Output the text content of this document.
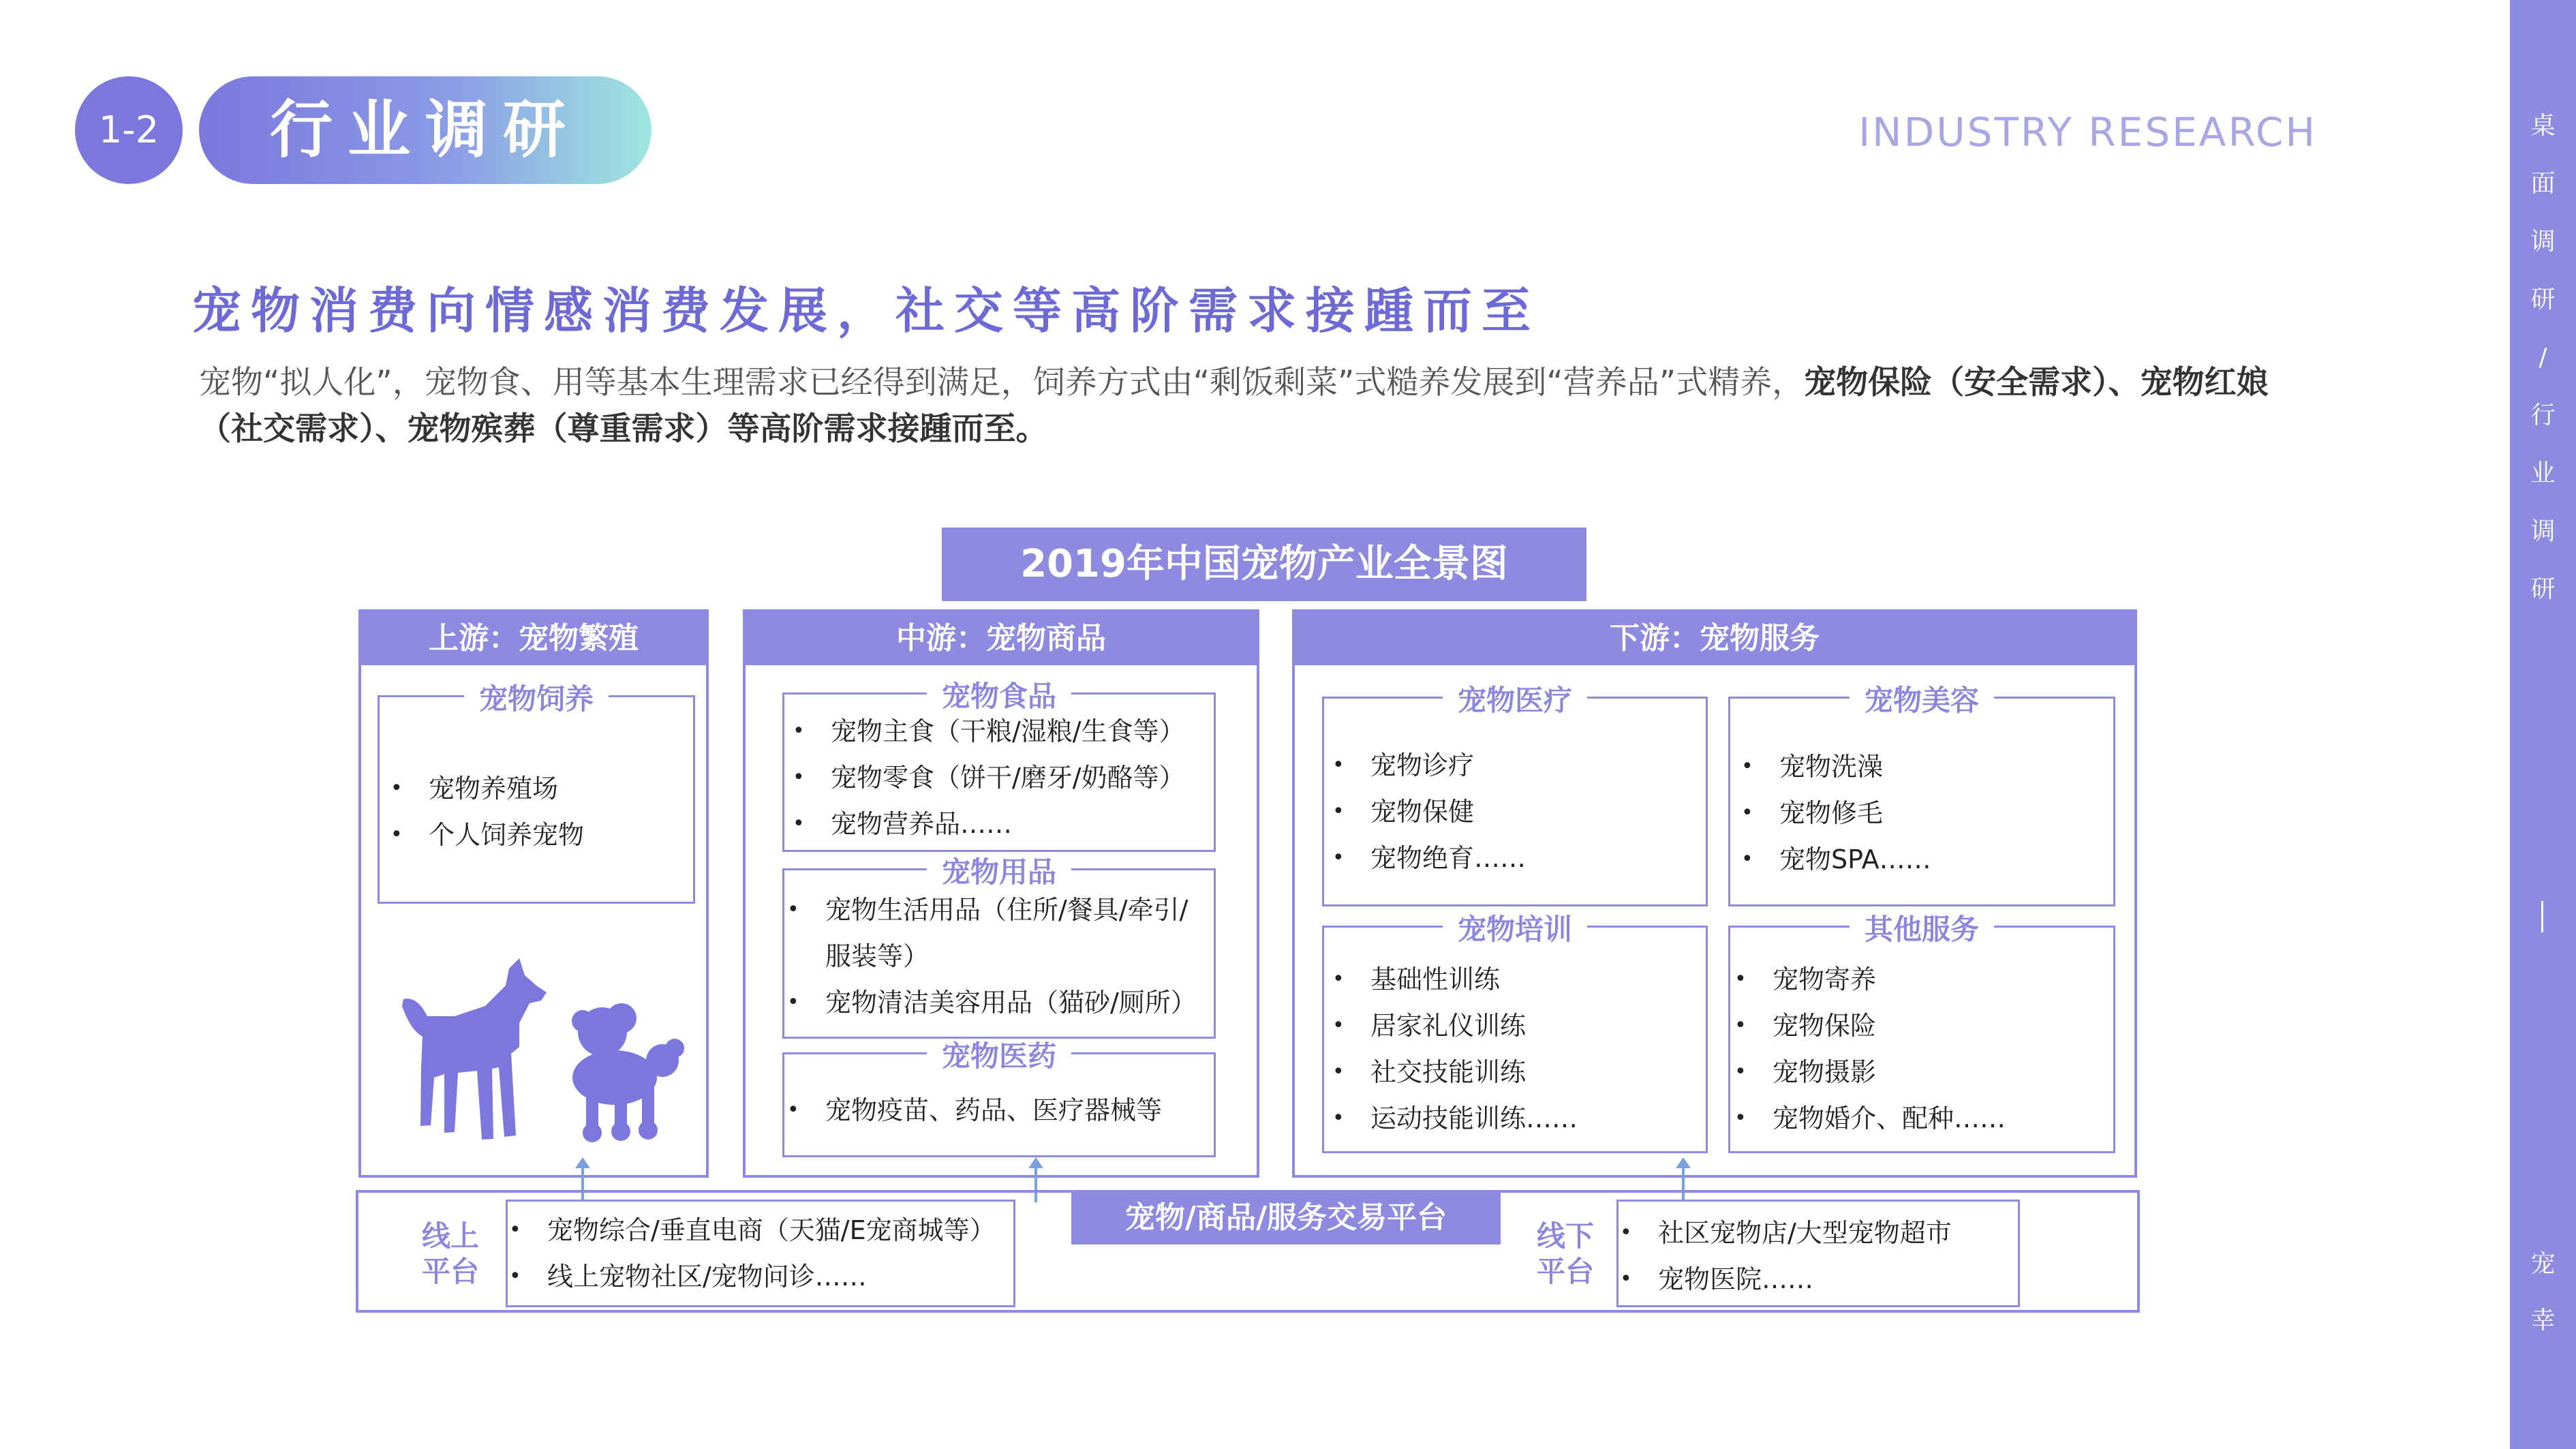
桌
面
调
研
/
行
业
调
研
宠
幸
1-2	行业调研	INDUSTRY RESEARCH
宠物消费向情感消费发展，社交等高阶需求接踵而至
宠物“拟人化”，宠物食、用等基本生理需求已经得到满足，饲养方式由“剩饭剩菜”式糙养发展到“营养品”式精养，宠物保险（安全需求）、宠物红娘（社交需求）、宠物殡葬（尊重需求）等高阶需求接踵而至。
2019年中国宠物产业全景图
上游：宠物繁殖
宠物饲养
• 宠物养殖场
• 个人饲养宠物
中游：宠物商品
宠物食品
• 宠物主食（干粮/湿粮/生食等）
• 宠物零食（饼干/磨牙/奶酪等）
• 宠物营养品……
宠物用品
• 宠物生活用品（住所/餐具/牵引/服装等）
• 宠物清洁美容用品（猫砂/厕所）
宠物医药
• 宠物疫苗、药品、医疗器械等
下游：宠物服务
宠物医疗
• 宠物诊疗
• 宠物保健
• 宠物绝育……
宠物美容
• 宠物洗澡
• 宠物修毛
• 宠物SPA……
宠物培训
• 基础性训练
• 居家礼仪训练
• 社交技能训练
• 运动技能训练……
其他服务
• 宠物寄养
• 宠物保险
• 宠物摄影
• 宠物婚介、配种……
宠物/商品/服务交易平台
线上
平台
• 宠物综合/垂直电商（天猫/E宠商城等）
• 线上宠物社区/宠物问诊……
线下
平台
• 社区宠物店/大型宠物超市
• 宠物医院……
